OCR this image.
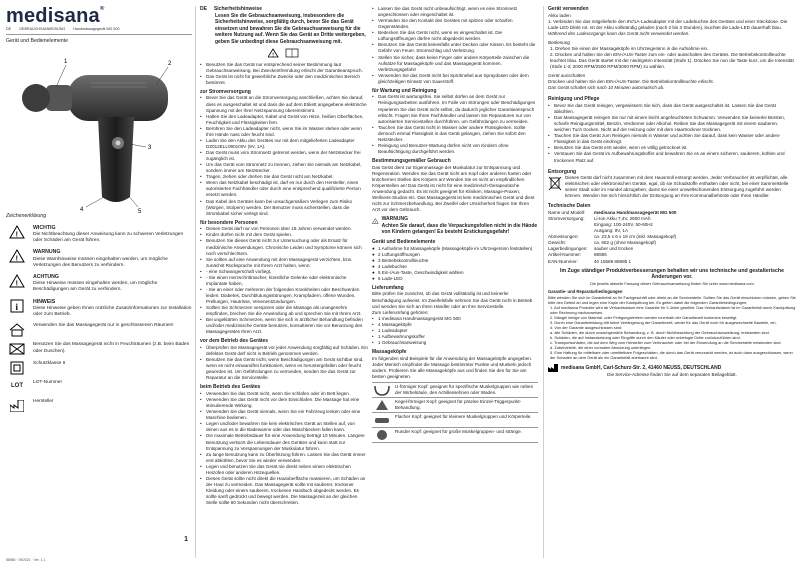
medisana®
DE GEBRAUCHSANWEISUNG Handmassagegerät MG 500
Gerät und Bedienelemente
1	2
3
4	5
Zeichenerklärung
!
WICHTIG
Die Nichtbeachtung dieser Anweisung kann zu schweren Verletzungen oder Schäden am Gerät führen.
!
WARNUNG
Diese Warnhinweise müssen eingehalten werden, um mögliche Verletzungen des Benutzers zu verhindern.
!
ACHTUNG
Diese Hinweise müssen eingehalten werden, um mögliche Beschädigungen am Gerät zu verhindern.
i	HINWEIS
Diese Hinweise geben Ihnen nützliche Zusatzinformationen zur Installation oder zum Betrieb.
Verwenden Sie das Massagegerät nur in geschlossenen Räumen!
Benutzen Sie das Massagegerät nicht in Feuchträumen (z.B. beim Baden oder Duschen).
Schutzklasse II
LOT
LOT-Nummer
Hersteller
1
88985 · 09/2021 · Ver. 1.1
DE Sicherheitshinweise
Lesen Sie die Gebrauchsanweisung, insbesondere die Sicherheitshinweise, sorgfältig durch, bevor Sie das Gerät einsetzen und bewahren Sie die Gebrauchsanweisung für die weitere Nutzung auf. Wenn Sie das Gerät an Dritte weitergeben, geben Sie unbedingt diese Gebrauchsanweisung mit.
!
• Benutzen Sie das Gerät nur entsprechend seiner Bestimmung laut Gebrauchsanweisung. Bei Zweckentfremdung erlischt der Garantieanspruch.
• Das Gerät ist nicht für gewerbliche Zwecke oder den medizinischen Bereich bestimmt.
zur Stromversorgung
• Bevor Sie das Gerät an die Stromversorgung anschließen, achten Sie darauf, dass es ausgeschaltet ist und dass die auf dem Etikett angegebene elektrische Spannung mit der Ihrer Netzspannung übereinstimmt.
• Halten Sie den Ladeadapter, Kabel und Gerät von Hitze, heißen Oberflächen, Feuchtigkeit und Flüssigkeiten fern.
• Berühren Sie den Ladeadapter nicht, wenn Sie im Wasser stehen oder wenn Ihre Hände nass oder feucht sind.
• Laden Sie den Akku des Gerätes nur mit dem mitgelieferten Ladeadapter DZ012ELL090100V (9V, 1A).
• Das Gerät muss vom Stromnetz getrennt werden, wenn der Netzstecker frei zugänglich ist.
• Um das Gerät vom Stromnetz zu trennen, ziehen Sie niemals am Netzkabel, sondern immer am Netzstecker.
• Tragen, ziehen oder drehen Sie das Gerät nicht am Netzkabel.
• Wenn das Netzkabel beschädigt ist, darf es nur durch den Hersteller, einen autorisierten Fachhändler oder durch eine entsprechend qualifizierte Person ersetzt werden.
• Das Kabel des Gerätes kann bei unsachgemäßem Verlegen zum Risiko (Würgen, Stolpern) werden. Der Benutzer muss sicherstellen, dass die Stromkabel sicher verlegt sind.
für besondere Personen
• Dieses Gerät darf nur von Personen über 18 Jahren verwendet werden.
• Kinder dürfen nicht mit dem Gerät spielen.
• Benutzen Sie dieses Gerät nicht zur Untersuchung oder als Ersatz für medizinische Anwendungen. Chronische Leiden und Symptome können sich noch verschlechtern.
• Sie sollten auf eine Anwendung mit dem Massagegerät verzichten, bzw. zunächst Rücksprache mit Ihrem Arzt halten, wenn:
• - eine Schwangerschaft vorliegt,
• - Sie einen Herzschrittmacher, künstliche Gelenke oder elektronische Implantate haben,
• - Sie an einer oder mehreren der folgenden Krankheiten oder Beschwerden leiden: Diabetes, Durchblutungsstörungen, Krampfadern, offene Wunden, Prellungen, Hautrisse, Venenentzündungen.
• Sollten Sie Schmerzen verspüren oder die Massage als unangenehm empfinden, brechen Sie die Anwendung ab und sprechen Sie mit Ihrem Arzt.
• Bei ungeklärten Schmerzen, wenn Sie sich in ärztlicher Behandlung befinden und/oder medizinische Geräte benutzen, konsultieren Sie vor Benutzung des Massagegerätes Ihren Arzt.
vor dem Betrieb des Gerätes
• Überprüfen Sie Massagegerät vor jeder Anwendung sorgfältig auf Schäden. Ein defektes Gerät darf nicht in Betrieb genommen werden.
• Benutzen Sie das Gerät nicht, wenn Beschädigungen am Gerät sichtbar sind, wenn es nicht einwandfrei funktioniert, wenn es heruntergefallen oder feucht geworden ist. Um Gefährdungen zu vermeiden, senden Sie das Gerät zur Reparatur an die Servicestelle.
beim Betrieb des Gerätes
• Verwenden Sie das Gerät nicht, wenn Sie schlafen oder im Bett liegen.
• Verwenden Sie das Gerät nicht vor dem Einschlafen. Die Massage hat eine stimulierende Wirkung.
• Verwenden Sie das Gerät niemals, wenn Sie ein Fahrzeug lenken oder eine Maschine bedienen.
• Legen und/oder bewahren Sie kein elektrisches Gerät an Stellen auf, von denen aus es in die Badewanne oder das Waschbecken fallen kann.
• Die maximale Betriebsdauer für eine Anwendung beträgt 10 Minuten. Längere Benutzung verkürzt die Lebensdauer des Gerätes und kann statt zur Entspannung zu Verspannungen der Muskulatur führen.
• Zu lange Benutzung kann zu Überhitzung führen. Lassen Sie das Gerät immer erst abkühlen, bevor Sie es wieder verwenden.
• Legen und benutzen Sie das Gerät nie direkt neben einem elektrischen Heizofen oder anderen Hitzequellen.
• Dieses Gerät sollte nicht direkt die Hautoberfläche massieren, um Schäden an der Haut zu vermeiden. Das Massagegerät sollte mit sauberer, trockener Kleidung oder einem sauberen, trockenen Handtuch abgedeckt werden. Es sollte sanft gedrückt und bewegt werden. Die Massagezeit an der gleichen Stelle sollte 60 Sekunden nicht überschreiten.
• Lassen Sie das Gerät nicht unbeaufsichtigt, wenn es eine Stromnetz angeschlossen oder eingeschaltet ist.
• Vermeiden Sie den Kontakt des Gerätes mit spitzen oder scharfen Gegenständen.
• Bedecken Sie das Gerät nicht, wenn es eingeschaltet ist. Die Lüftungsöffnungen dürfen nicht abgedeckt werden.
• Benutzen Sie das Gerät keinesfalls unter Decken oder Kissen. Es besteht die Gefahr von Feuer, Stromschlag und Verletzung.
• Stellen Sie sicher, dass keine Finger oder andere Körperteile zwischen die Aufsätze für Massageköpfe und das Massagegerät kommen. Verletzungsgefahr!
• Verwenden Sie das Gerät nicht bei Sprühnebel aus Spraydosen oder dem gleichzeitigen Einsatz von Sauerstoff.
für Wartung und Reinigung
• Das Gerät ist wartungsfrei. Sie selbst dürfen an dem Gerät nur Reinigungsarbeiten ausführen. Im Falle von Störungen oder Beschädigungen reparieren Sie das Gerät nicht selbst, da dadurch jeglicher Garantieanspruch erlischt. Fragen Sie Ihren Fachhändler und lassen Sie Reparaturen nur von autorisierten Servicestellen durchführen, um Gefährdungen zu vermeiden.
• Tauchen Sie das Gerät nicht in Wasser oder andere Flüssigkeiten. Sollte dennoch einmal Flüssigkeit in das Gerät gelangen, ziehen Sie sofort den Netzstecker.
• Reinigung und Benutzer-Wartung dürfen nicht von Kindern ohne Beaufsichtigung durchgeführt werden.
Bestimmungsgemäßer Gebrauch
Das Gerät dient zur Eigenmassage der Muskulatur zur Entspannung und Regeneration. Wenden Sie das Gerät nicht am Kopf oder anderen harten oder knöchernen Stellen des Körpers an! Wenden Sie es nicht an empfindlichen Körperstellen an! Das Gerät ist nicht für eine medizinisch-therapeutische Anwendung gedacht. Es ist nicht geeignet für Kliniken, Massage-Praxen, Wellness-Studios etc. Das Massagegerät ist kein medizinisches Gerät und dient nicht zur Schmerzbehandlung. Bei Zweifel oder Unsicherheit fragen Sie Ihren Arzt vor dem Gebrauch.
!
WARNUNG
Achten Sie darauf, dass die Verpackungsfolien nicht in die Hände von Kindern gelangen! Es besteht Erstickungsgefahr!
Gerät und Bedienelemente
● 1 Aufnahme für Massageköpfe (Massageköpfe im Uhrzeigersinn feststellen)
● 2 Lüftungsöffnungen
● 3 Betriebskontrollleuchte
● 4 Ladebuchse
● 5 Ein-/Aus-Taste, Geschwindigkeit wählen
● 6 Lade-LED
Lieferumfang
Bitte prüfen Sie zunächst, ob das Gerät vollständig ist und keinerlei Beschädigung aufweist. Im Zweifelsfalle nehmen Sie das Gerät nicht in Betrieb und wenden Sie sich an Ihren Händler oder an Ihre Servicestelle.
Zum Lieferumfang gehören:
• 1 medisana Handmassagegerät MG 500
• 4 Massageköpfe
• 1 Ladeadapter
• 1 Aufbewahrungskoffer
• 1 Gebrauchsanweisung
Massageköpfe
Im folgenden sind Beispiele für die Anwendung der Massageköpfe angegeben. Jeder Mensch empfindet die Massage bestimmter Punkte und Muskeln jedoch anders. Probieren Sie alle Massageköpfe aus und finden Sie den für Sie am besten geeigneten.
U-förmiger Kopf: geeignet für spezifische Muskelgruppen wie neben der Wirbelsäule, den Achillessehnen oder Waden.
Kegel-förmiger Kopf: geeignet für präzise Einzel-Triggerpunkt-Behandlung.
Flacher Kopf: geeignet für kleinere Muskelgruppen und Körperteile.
Runder Kopf: geeignet für große Muskelgruppen- und stränge.
Gerät verwenden
Akku laden
1. Verbinden Sie das mitgelieferte den 9V/1A-Ladeadapter mit der Ladebuchse des Gerätes und einer Steckdose. Die Lade-LED blinkt rot. Ist der Akku vollständig geladen (nach 2 bis 3 Stunden), leuchtet die Lade-LED dauerhaft blau.
Während des Ladevorgangs kann das Gerät nicht verwendet werden.
Bedienung
1. Drehen Sie einen der Massageköpfe im Uhrzeigersinn in die Aufnahme ein.
2. Drücken und halten Sie den EIN-/AUS-Taster zum ein- oder ausschalten des Gerätes. Die Betriebskontrollleuchte leuchtet blau. Das Gerät startet mit der niedrigsten Intensität (Stufe 1). Drücken Sie nun die Taste kurz, um die Intensität (Stufe 1-3; 2000 RPM/2500 RPM/3000 RPM) zu wählen.
Gerät ausschalten
Drücken und halten Sie den EIN-/AUS-Taster. Die Betriebskontrollleuchte erlischt.
Das Gerät schaltet sich nach 10 Minuten automatisch ab.
Reinigung und Pflege
• Bevor Sie das Gerät reinigen, vergewissern Sie sich, dass das Gerät ausgeschaltet ist. Lassen Sie das Gerät abkühlen.
• Das Massagegerät reinigen Sie nur mit einem leicht angefeuchteten Schwamm. Verwenden Sie keinerlei Bürsten, scharfe Reinigungsmittel, Benzin, Verdünner oder Alkohol. Reiben Sie das Massagegerät mit einem sauberen, weichen Tuch trocken. Nicht auf der Heizung oder mit dem Haartrockner trocknen.
• Tauchen Sie das Gerät zum Reinigen niemals in Wasser und achten Sie darauf, dass kein Wasser oder andere Flüssigkeit in das Gerät eindringt.
• Benutzen Sie das Gerät erst wieder, wenn es völlig getrocknet ist.
• Verstauen Sie das Gerät im Aufbewahrungskoffer und bewahren Sie es an einem sicheren, sauberen, kühlen und trockenen Platz auf.
Entsorgung
Dieses Gerät darf nicht zusammen mit dem Hausmüll entsorgt werden. Jeder Verbraucher ist verpflichtet, alle elektrischen oder elektronischen Geräte, egal, ob sie Schadstoffe enthalten oder nicht, bei einer Sammelstelle seiner Stadt oder im Handel abzugeben, damit sie einer umweltschonenden Entsorgung zugeführt werden können. Wenden Sie sich hinsichtlich der Entsorgung an Ihre Kommunalbehörde oder Ihren Händler.
Technische Daten
Name und Modell:	medisana Handmassagegerät MG 500
Stromversorgung:	Li-Ion Akku 7,4V, 2600 mAh
Eingang: 100-240V, 50-60Hz
Ausgang: 9V, 1A
Abmessungen:	ca. 23,5 x 6 x 19 cm (inkl. Massagekopf)
Gewicht:	ca. 682 g (ohne Massagekopf)
Lagerbedingungen:	sauber und trocken
Artikel-Nummer:	88985
EAN-Nummer:	40 15588 88985 1
Im Zuge ständiger Produktverbesserungen behalten wir uns technische und gestalterische Änderungen vor.
Die jeweils aktuelle Fassung dieser Gebrauchsanweisung finden Sie unter www.medisana.com
Garantie- und Reparaturbedingungen
Bitte wenden Sie sich im Garantiefall an Ihr Fachgeschäft oder direkt an die Servicestelle. Sollten Sie das Gerät einschicken müssen, geben Sie bitte den Defekt an und legen eine Kopie der Kaufquittung bei. Es gelten dabei die folgenden Garantiebedingungen:
1. Auf medisana Produkte wird ab Verkaufsdatum eine Garantie für 3 Jahre gewährt. Das Verkaufsdatum ist im Garantiefall durch Kaufquittung oder Rechnung nachzuweisen.
2. Mängel infolge von Material- oder Fertigungsfehlern werden innerhalb der Garantiezeit kostenlos beseitigt.
3. Durch eine Garantieleistung tritt keine Verlängerung der Garantiezeit, weder für das Gerät noch für ausgewechselte Bauteile, ein.
4. Von der Garantie ausgeschlossen sind:
a. alle Schäden, die durch unsachgemäße Behandlung, z. B. durch Nichtbeachtung der Gebrauchsanweisung, entstanden sind.
b. Schäden, die auf Instandsetzung oder Eingriffe durch den Käufer oder unbefugte Dritte zurückzuführen sind.
c. Transportschäden, die auf dem Weg vom Hersteller zum Verbraucher oder bei der Einsendung an die Servicestelle entstanden sind.
d. Zubehörteile, die einer normalen Abnutzung unterliegen.
5. Eine Haftung für mittelbare oder unmittelbare Folgeschäden, die durch das Gerät verursacht werden, ist auch dann ausgeschlossen, wenn der Schaden an dem Gerät als ein Garantiefall anerkannt wird.
medisana GmbH, Carl-Schurz-Str. 2, 41460 NEUSS, DEUTSCHLAND
Die Service-Adresse finden Sie auf dem separaten Beilageblatt.
